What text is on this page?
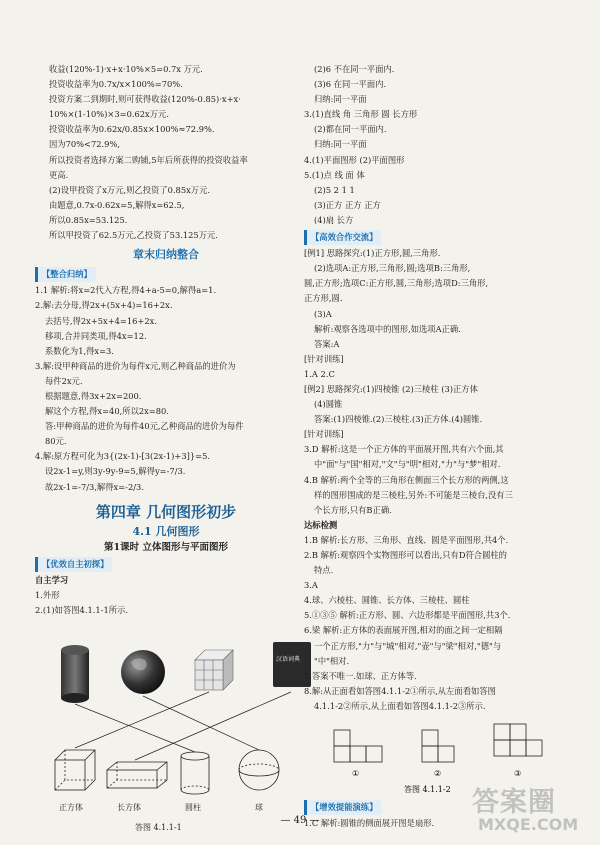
收益(120%-1)·x+x·10%×5=0.7x 万元.

投资收益率为0.7x/x×100%=70%.

投资方案二到期时,则可获得收益(120%-0.85)·x+x·

10%×(1-10%)×3=0.62x万元.

投资收益率为0.62x/0.85x×100%≈72.9%.

因为70%<72.9%,

所以投资者选择方案二购铺,5年后所获得的投资收益率

更高.

(2)设甲投资了x万元,则乙投资了0.85x万元.

由题意,0.7x-0.62x=5,解得x=62.5,

所以0.85x=53.125.

所以甲投资了62.5万元,乙投资了53.125万元.

章末归纳整合
【整合归纳】

1.1 解析:将x=2代入方程,得4+a-5=0,解得a=1.

2.解:去分母,得2x+(5x+4)=16+2x.

去括号,得2x+5x+4=16+2x.

移项,合并同类项,得4x=12.

系数化为1,得x=3.

3.解:设甲种商品的进价为每件x元,则乙种商品的进价为

每件2x元.

根据题意,得3x+2x=200.

解这个方程,得x=40,所以2x=80.

答:甲种商品的进价为每件40元,乙种商品的进价为每件

80元.

4.解:原方程可化为3{(2x-1)-[3(2x-1)+3]}=5.

设2x-1=y,则3y-9y-9=5,解得y=-7/3.

故2x-1=-7/3,解得x=-2/3.

第四章 几何图形初步
4.1 几何图形
第1课时 立体图形与平面图形
【优效自主初探】

自主学习

1.外形

2.(1)如答图4.1.1-1所示.

汉语词典
正方体	长方体	圆柱	球
答图 4.1.1-1

(2)6 不在同一平面内.

(3)6 在同一平面内.

归纳:同一平面

3.(1)直线 角 三角形 圆 长方形

(2)都在同一平面内.

归纳:同一平面

4.(1)平面图形 (2)平面图形

5.(1)点 线 面 体

(2)5 2 1 1

(3)正方 正方 正方

(4)扇 长方

【高效合作交流】

[例1] 思路探究:(1)正方形,圆,三角形.

(2)选项A:正方形,三角形,圆;选项B:三角形,

圆,正方形;选项C:正方形,圆,三角形;选项D:三角形,

正方形,圆.

(3)A

解析:观察各选项中的图形,如选项A正确.

答案:A

[针对训练]

1.A 2.C

[例2] 思路探究:(1)四棱锥 (2)三棱柱 (3)正方体

(4)圆锥

答案:(1)四棱锥.(2)三棱柱.(3)正方体.(4)圆锥.

[针对训练]

3.D 解析:这是一个正方体的平面展开图,共有六个面,其

中"面"与"国"相对,"文"与"明"相对,"力"与"梦"相对.

4.B 解析:两个全等的三角形在侧面三个长方形的两侧,这

样的图形围成的是三棱柱,另外:不可能是三棱台,没有三

个长方形,只有B正确.

达标检测

1.B 解析:长方形、三角形、直线、圆是平面图形,共4个.

2.B 解析:观察四个实物图形可以看出,只有D符合圆柱的

特点.

3.A

4.球、六棱柱、圆锥、长方体、三棱柱、圆柱

5.①③⑤ 解析:正方形、圆、六边形都是平面图形,共3个.

6.梁 解析:正方体的表面展开图,相对的面之间一定相隔

一个正方形,"力"与"城"相对,"壶"与"梁"相对,"德"与

"中"相对.

7.答案不唯一.如球、正方体等.

8.解:从正面看如答图4.1.1-2①所示,从左面看如答图

4.1.1-2②所示,从上面看如答图4.1.1-2③所示.

①	②	③
答图 4.1.1-2
【增效提能演练】

1.C 解析:圆锥的侧面展开图是扇形.

— 49 —
答案圈
MXQE.COM
